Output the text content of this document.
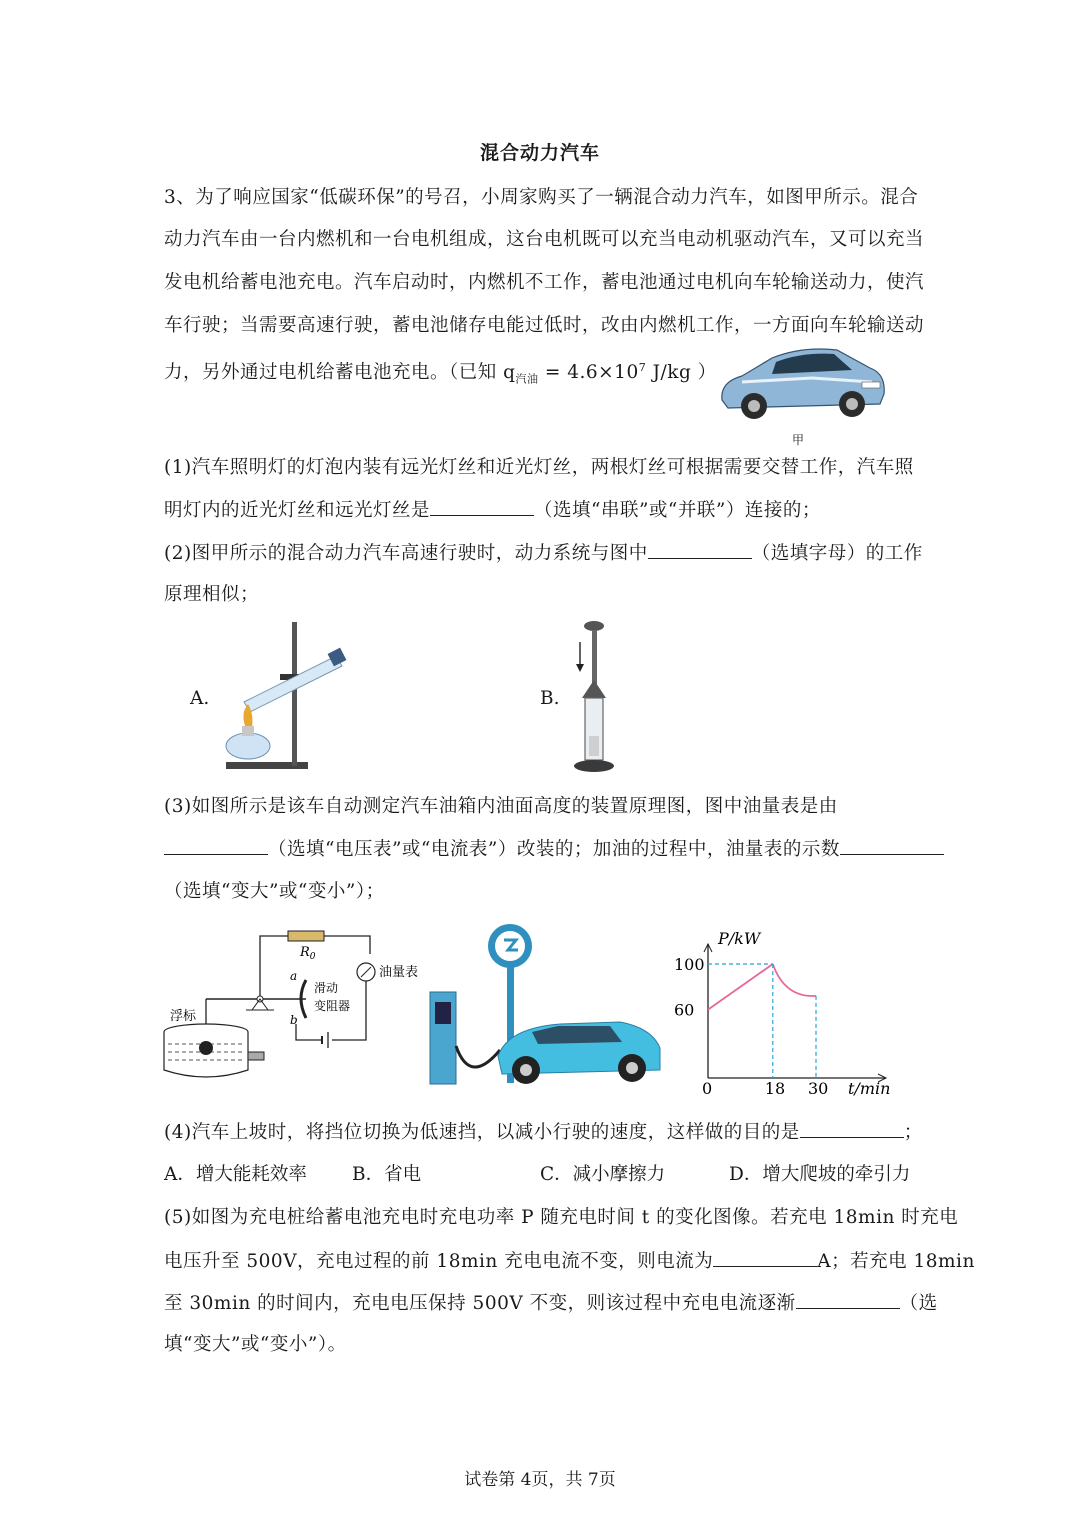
混合动力汽车
3、为了响应国家“低碳环保”的号召，小周家购买了一辆混合动力汽车，如图甲所示。混合
动力汽车由一台内燃机和一台电机组成，这台电机既可以充当电动机驱动汽车，又可以充当
发电机给蓄电池充电。汽车启动时，内燃机不工作，蓄电池通过电机向车轮输送动力，使汽
车行驶；当需要高速行驶，蓄电池储存电能过低时，改由内燃机工作，一方面向车轮输送动
力，另外通过电机给蓄电池充电。（已知 $q_{汽油} = 4.6\times 10^7$ J/kg ）
甲
(1)汽车照明灯的灯泡内装有远光灯丝和近光灯丝，两根灯丝可根据需要交替工作，汽车照
明灯内的近光灯丝和远光灯丝是	（选填“串联”或“并联”）连接的；
(2)图甲所示的混合动力汽车高速行驶时，动力系统与图中	（选填字母）的工作
原理相似；
A.	B.
(3)如图所示是该车自动测定汽车油箱内油面高度的装置原理图，图中油量表是由
（选填“电压表”或“电流表”）改装的；加油的过程中，油量表的示数
（选填“变大”或“变小”）；
$R_0$
油量表
a
b
滑动
变阻器
浮标
P/kW
t/min
0	18 30
60
100
(4)汽车上坡时，将挡位切换为低速挡，以减小行驶的速度，这样做的目的是	；
A．增大能耗效率 B．省电	C．减小摩擦力	D．增大爬坡的牵引力
(5)如图为充电桩给蓄电池充电时充电功率 P 随充电时间 t 的变化图像。若充电 18min 时充电
电压升至 500V，充电过程的前 18min 充电电流不变，则电流为	A；若充电 18min
至 30min 的时间内，充电电压保持 500V 不变，则该过程中充电电流逐渐	（选
填“变大”或“变小”）。
试卷第 4页，共 7页
